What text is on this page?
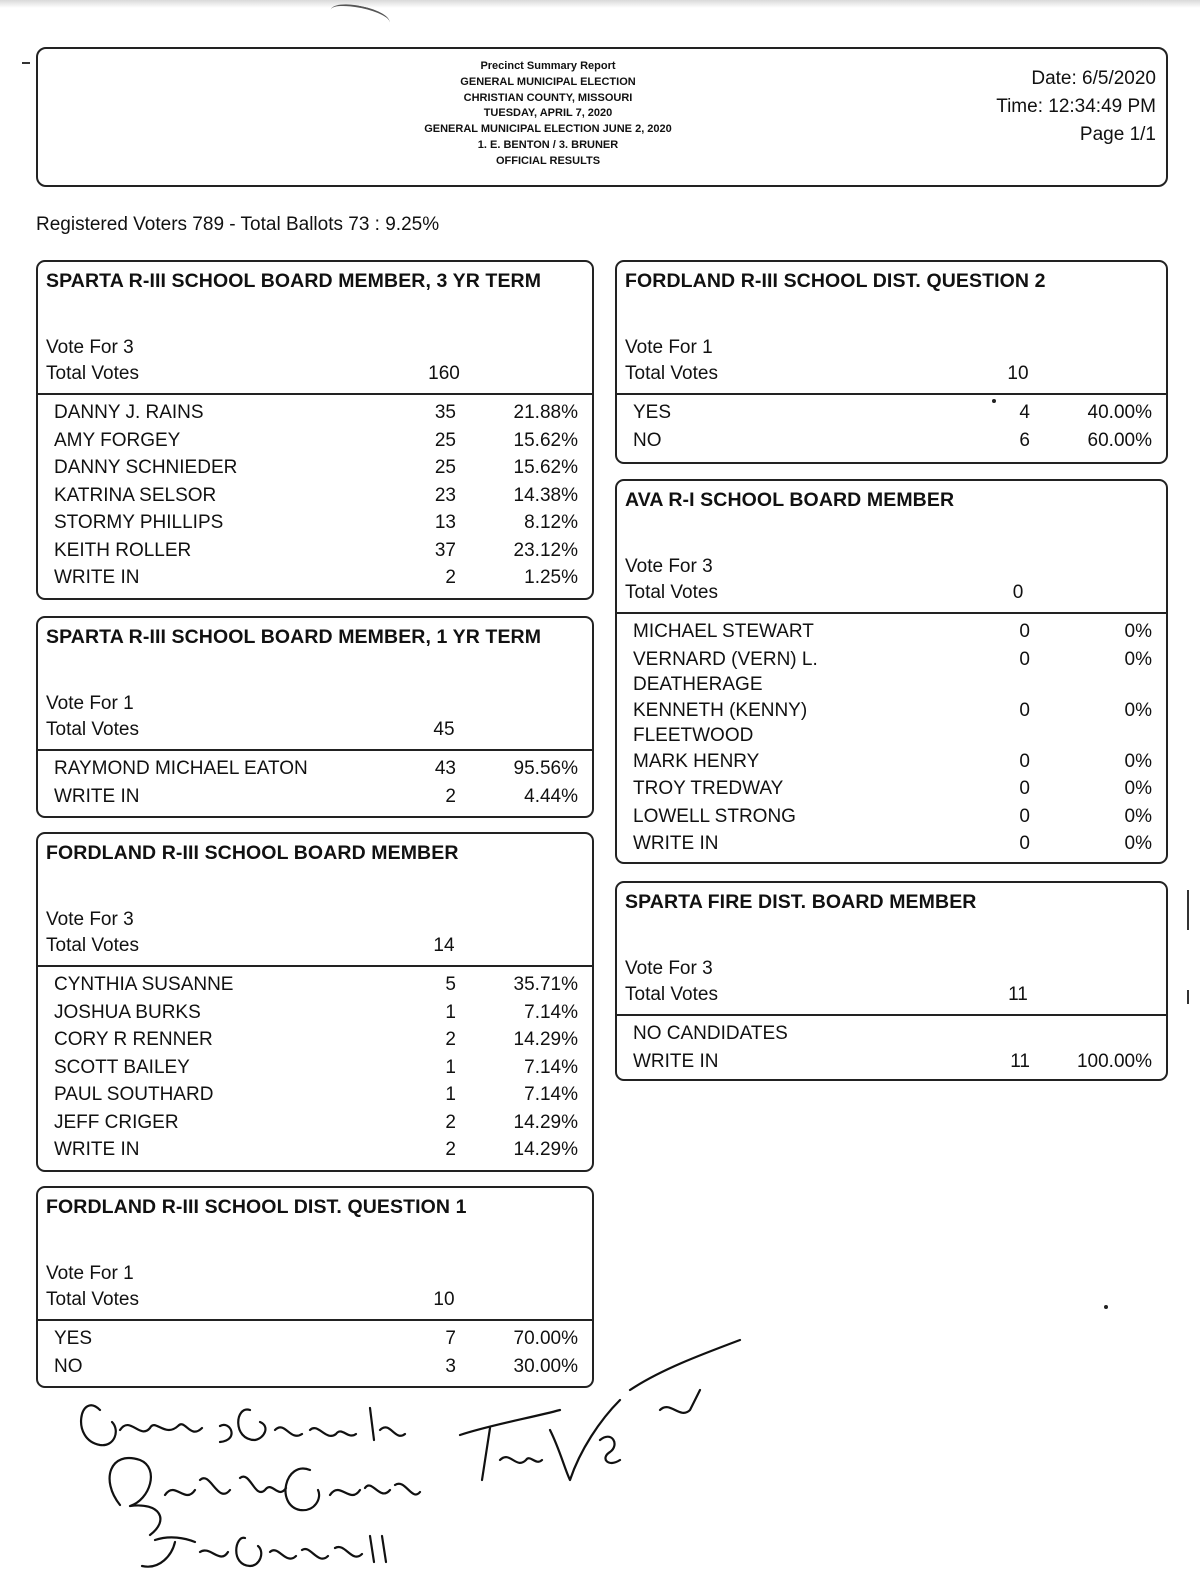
Precinct Summary Report
GENERAL MUNICIPAL ELECTION
CHRISTIAN COUNTY, MISSOURI
TUESDAY, APRIL 7, 2020
GENERAL MUNICIPAL ELECTION JUNE 2, 2020
1. E. BENTON / 3. BRUNER
OFFICIAL RESULTS
Date: 6/5/2020
Time: 12:34:49 PM
Page 1/1
Registered Voters 789 - Total Ballots 73 : 9.25%
SPARTA R-III SCHOOL BOARD MEMBER, 3 YR TERM
Vote For 3
Total Votes	160
DANNY J. RAINS	35	21.88%
AMY FORGEY	25	15.62%
DANNY SCHNIEDER	25	15.62%
KATRINA SELSOR	23	14.38%
STORMY PHILLIPS	13	8.12%
KEITH ROLLER	37	23.12%
WRITE IN	2	1.25%
SPARTA R-III SCHOOL BOARD MEMBER, 1 YR TERM
Vote For 1
Total Votes	45
RAYMOND MICHAEL EATON	43	95.56%
WRITE IN	2	4.44%
FORDLAND R-III SCHOOL BOARD MEMBER
Vote For 3
Total Votes	14
CYNTHIA SUSANNE	5	35.71%
JOSHUA BURKS	1	7.14%
CORY R RENNER	2	14.29%
SCOTT BAILEY	1	7.14%
PAUL SOUTHARD	1	7.14%
JEFF CRIGER	2	14.29%
WRITE IN	2	14.29%
FORDLAND R-III SCHOOL DIST. QUESTION 1
Vote For 1
Total Votes	10
YES	7	70.00%
NO	3	30.00%
FORDLAND R-III SCHOOL DIST. QUESTION 2
Vote For 1
Total Votes	10
YES	4	40.00%
NO	6	60.00%
AVA R-I SCHOOL BOARD MEMBER
Vote For 3
Total Votes	0
MICHAEL STEWART	0	0%
VERNARD (VERN) L.
DEATHERAGE
0	0%
KENNETH (KENNY)
FLEETWOOD
0	0%
MARK HENRY	0	0%
TROY TREDWAY	0	0%
LOWELL STRONG	0	0%
WRITE IN	0	0%
SPARTA FIRE DIST. BOARD MEMBER
Vote For 3
Total Votes	11
NO CANDIDATES
WRITE IN	11	100.00%
